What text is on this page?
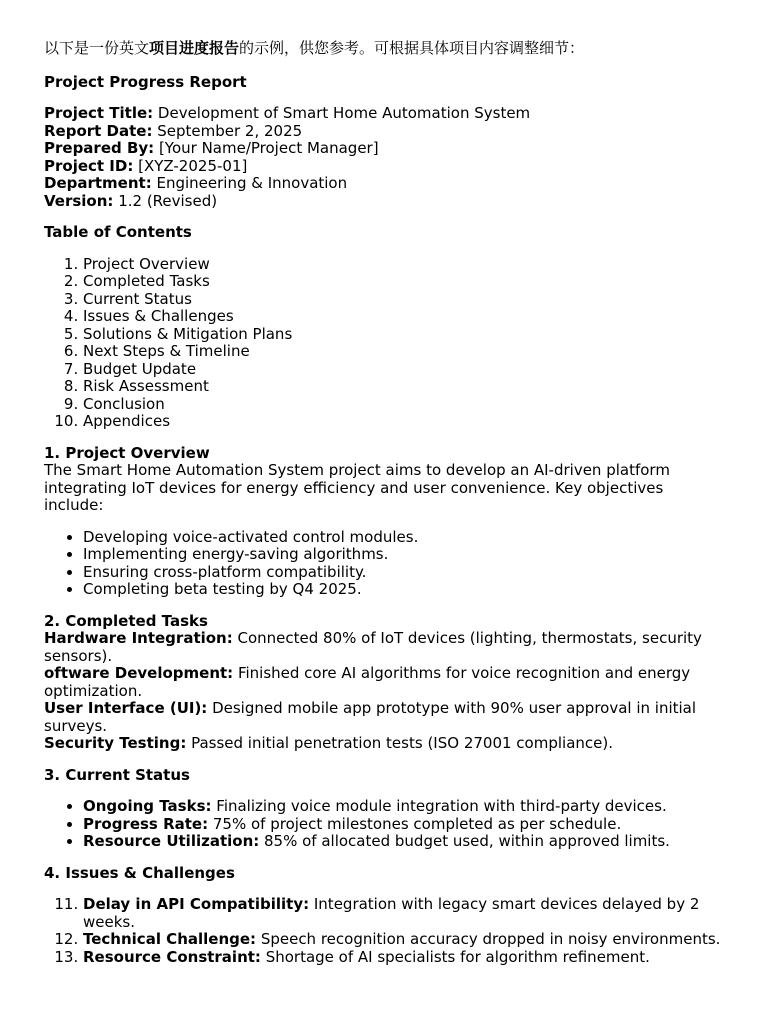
以下是一份英文项目进度报告的示例，供您参考。可根据具体项目内容调整细节：

Project Progress Report

Project Title: Development of Smart Home Automation System

Report Date: September 2, 2025

Prepared By: [Your Name/Project Manager]

Project ID: [XYZ-2025-01]

Department: Engineering & Innovation

Version: 1.2 (Revised)

Table of Contents

1. Project Overview
2. Completed Tasks
3. Current Status
4. Issues & Challenges
5. Solutions & Mitigation Plans
6. Next Steps & Timeline
7. Budget Update
8. Risk Assessment
9. Conclusion
10. Appendices

1. Project Overview

The Smart Home Automation System project aims to develop an AI-driven platform integrating IoT devices for energy efficiency and user convenience. Key objectives include:

• Developing voice-activated control modules.
• Implementing energy-saving algorithms.
• Ensuring cross-platform compatibility.
• Completing beta testing by Q4 2025.

2. Completed Tasks

Hardware Integration: Connected 80% of IoT devices (lighting, thermostats, security sensors).

oftware Development: Finished core AI algorithms for voice recognition and energy optimization.

User Interface (UI): Designed mobile app prototype with 90% user approval in initial surveys.

Security Testing: Passed initial penetration tests (ISO 27001 compliance).

3. Current Status

• Ongoing Tasks: Finalizing voice module integration with third-party devices.
• Progress Rate: 75% of project milestones completed as per schedule.
• Resource Utilization: 85% of allocated budget used, within approved limits.

4. Issues & Challenges

11. Delay in API Compatibility: Integration with legacy smart devices delayed by 2 weeks.
12. Technical Challenge: Speech recognition accuracy dropped in noisy environments.
13. Resource Constraint: Shortage of AI specialists for algorithm refinement.
